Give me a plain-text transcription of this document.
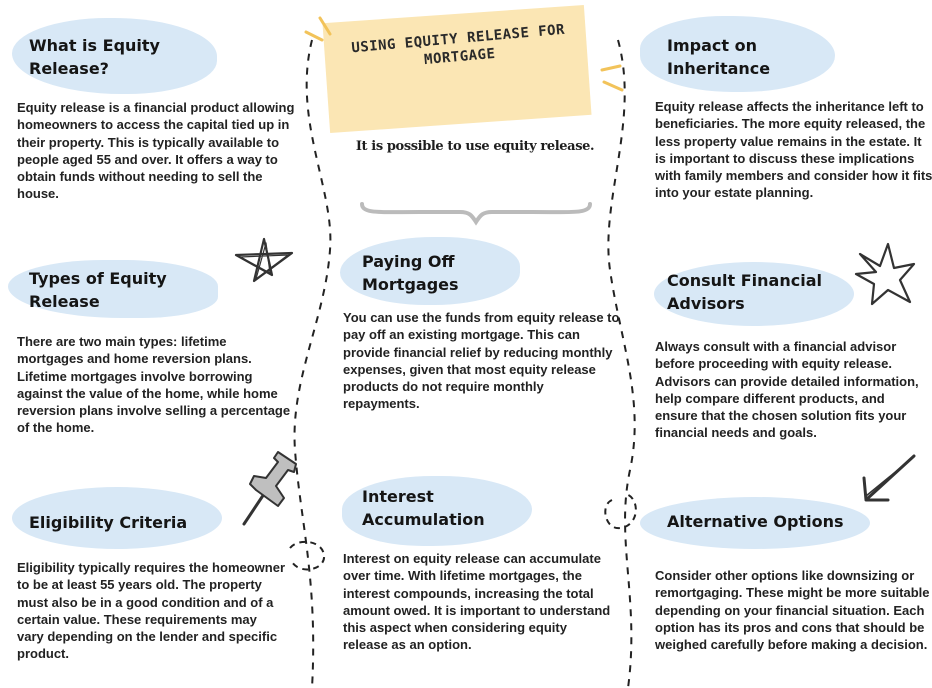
USING EQUITY RELEASE FOR MORTGAGE
It is possible to use equity release.
What is Equity Release?
Equity release is a financial product allowing homeowners to access the capital tied up in their property. This is typically available to people aged 55 and over. It offers a way to obtain funds without needing to sell the house.
Types of Equity Release
There are two main types: lifetime mortgages and home reversion plans. Lifetime mortgages involve borrowing against the value of the home, while home reversion plans involve selling a percentage of the home.
Eligibility Criteria
Eligibility typically requires the homeowner to be at least 55 years old. The property must also be in a good condition and of a certain value. These requirements may vary depending on the lender and specific product.
Paying Off Mortgages
You can use the funds from equity release to pay off an existing mortgage. This can provide financial relief by reducing monthly expenses, given that most equity release products do not require monthly repayments.
Interest Accumulation
Interest on equity release can accumulate over time. With lifetime mortgages, the interest compounds, increasing the total amount owed. It is important to understand this aspect when considering equity release as an option.
Impact on Inheritance
Equity release affects the inheritance left to beneficiaries. The more equity released, the less property value remains in the estate. It is important to discuss these implications with family members and consider how it fits into your estate planning.
Consult Financial Advisors
Always consult with a financial advisor before proceeding with equity release. Advisors can provide detailed information, help compare different products, and ensure that the chosen solution fits your financial needs and goals.
Alternative Options
Consider other options like downsizing or remortgaging. These might be more suitable depending on your financial situation. Each option has its pros and cons that should be weighed carefully before making a decision.
